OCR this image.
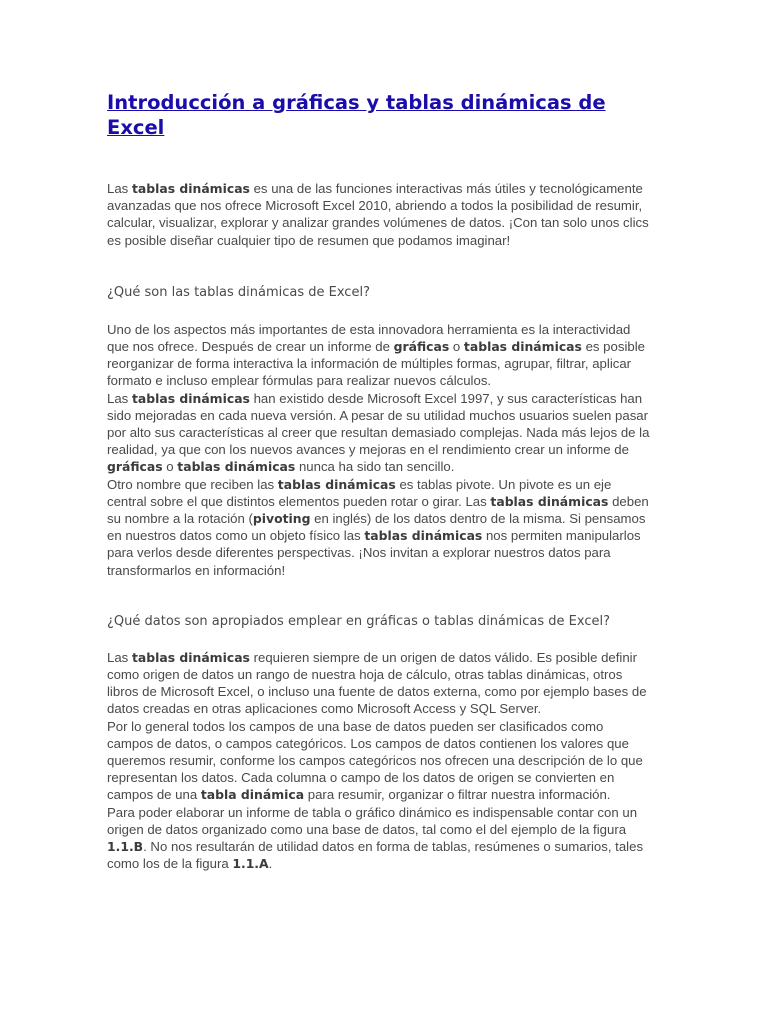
Introducción a gráficas y tablas dinámicas de Excel

Las tablas dinámicas es una de las funciones interactivas más útiles y tecnológicamente avanzadas que nos ofrece Microsoft Excel 2010, abriendo a todos la posibilidad de resumir, calcular, visualizar, explorar y analizar grandes volúmenes de datos. ¡Con tan solo unos clics es posible diseñar cualquier tipo de resumen que podamos imaginar!

¿Qué son las tablas dinámicas de Excel?

Uno de los aspectos más importantes de esta innovadora herramienta es la interactividad que nos ofrece. Después de crear un informe de gráficas o tablas dinámicas es posible reorganizar de forma interactiva la información de múltiples formas, agrupar, filtrar, aplicar formato e incluso emplear fórmulas para realizar nuevos cálculos.

Las tablas dinámicas han existido desde Microsoft Excel 1997, y sus características han sido mejoradas en cada nueva versión. A pesar de su utilidad muchos usuarios suelen pasar por alto sus características al creer que resultan demasiado complejas. Nada más lejos de la realidad, ya que con los nuevos avances y mejoras en el rendimiento crear un informe de gráficas o tablas dinámicas nunca ha sido tan sencillo.

Otro nombre que reciben las tablas dinámicas es tablas pivote. Un pivote es un eje central sobre el que distintos elementos pueden rotar o girar. Las tablas dinámicas deben su nombre a la rotación (pivoting en inglés) de los datos dentro de la misma. Si pensamos en nuestros datos como un objeto físico las tablas dinámicas nos permiten manipularlos para verlos desde diferentes perspectivas. ¡Nos invitan a explorar nuestros datos para transformarlos en información!

¿Qué datos son apropiados emplear en gráficas o tablas dinámicas de Excel?

Las tablas dinámicas requieren siempre de un origen de datos válido. Es posible definir como origen de datos un rango de nuestra hoja de cálculo, otras tablas dinámicas, otros libros de Microsoft Excel, o incluso una fuente de datos externa, como por ejemplo bases de datos creadas en otras aplicaciones como Microsoft Access y SQL Server.

Por lo general todos los campos de una base de datos pueden ser clasificados como campos de datos, o campos categóricos. Los campos de datos contienen los valores que queremos resumir, conforme los campos categóricos nos ofrecen una descripción de lo que representan los datos. Cada columna o campo de los datos de origen se convierten en campos de una tabla dinámica para resumir, organizar o filtrar nuestra información.

Para poder elaborar un informe de tabla o gráfico dinámico es indispensable contar con un origen de datos organizado como una base de datos, tal como el del ejemplo de la figura 1.1.B. No nos resultarán de utilidad datos en forma de tablas, resúmenes o sumarios, tales como los de la figura 1.1.A.
